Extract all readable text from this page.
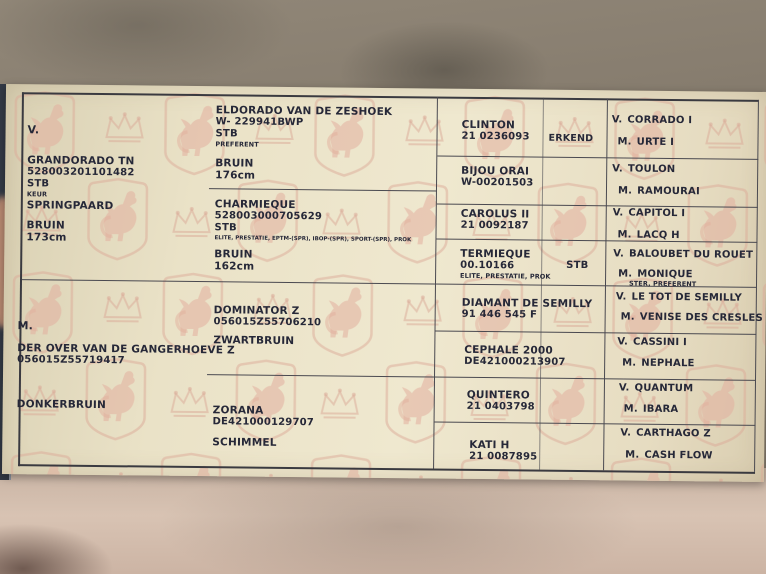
V.
GRANDORADO TN
528003201101482
STB
KEUR
SPRINGPAARD
BRUIN
173cm
M.
DER OVER VAN DE GANGERHOEVE Z
056015Z55719417
DONKERBRUIN
ELDORADO VAN DE ZESHOEK
W- 229941BWP
STB
PREFERENT
BRUIN
176cm
CHARMIEQUE
528003000705629
STB
ELITE, PRESTATIE, EPTM-(SPR), IBOP-(SPR), SPORT-(SPR), PROK
BRUIN
162cm
DOMINATOR Z
056015Z55706210
ZWARTBRUIN
ZORANA
DE421000129707
SCHIMMEL
CLINTON
21 0236093 ERKEND
BIJOU ORAI
W-00201503
CAROLUS II
21 0092187
TERMIEQUE
00.10166
ELITE, PRESTATIE, PROK
STB
DIAMANT DE SEMILLY
91 446 545 F
CEPHALE 2000
DE421000213907
QUINTERO
21 0403798
KATI H
21 0087895
V. CORRADO I
M. URTE I
V. TOULON
M. RAMOURAI
V. CAPITOL I
M. LACQ H
V. BALOUBET DU ROUET
M. MONIQUE
STER, PREFERENT
V. LE TOT DE SEMILLY
M. VENISE DES CRESLES
V. CASSINI I
M. NEPHALE
V. QUANTUM
M. IBARA
V. CARTHAGO Z
M. CASH FLOW
